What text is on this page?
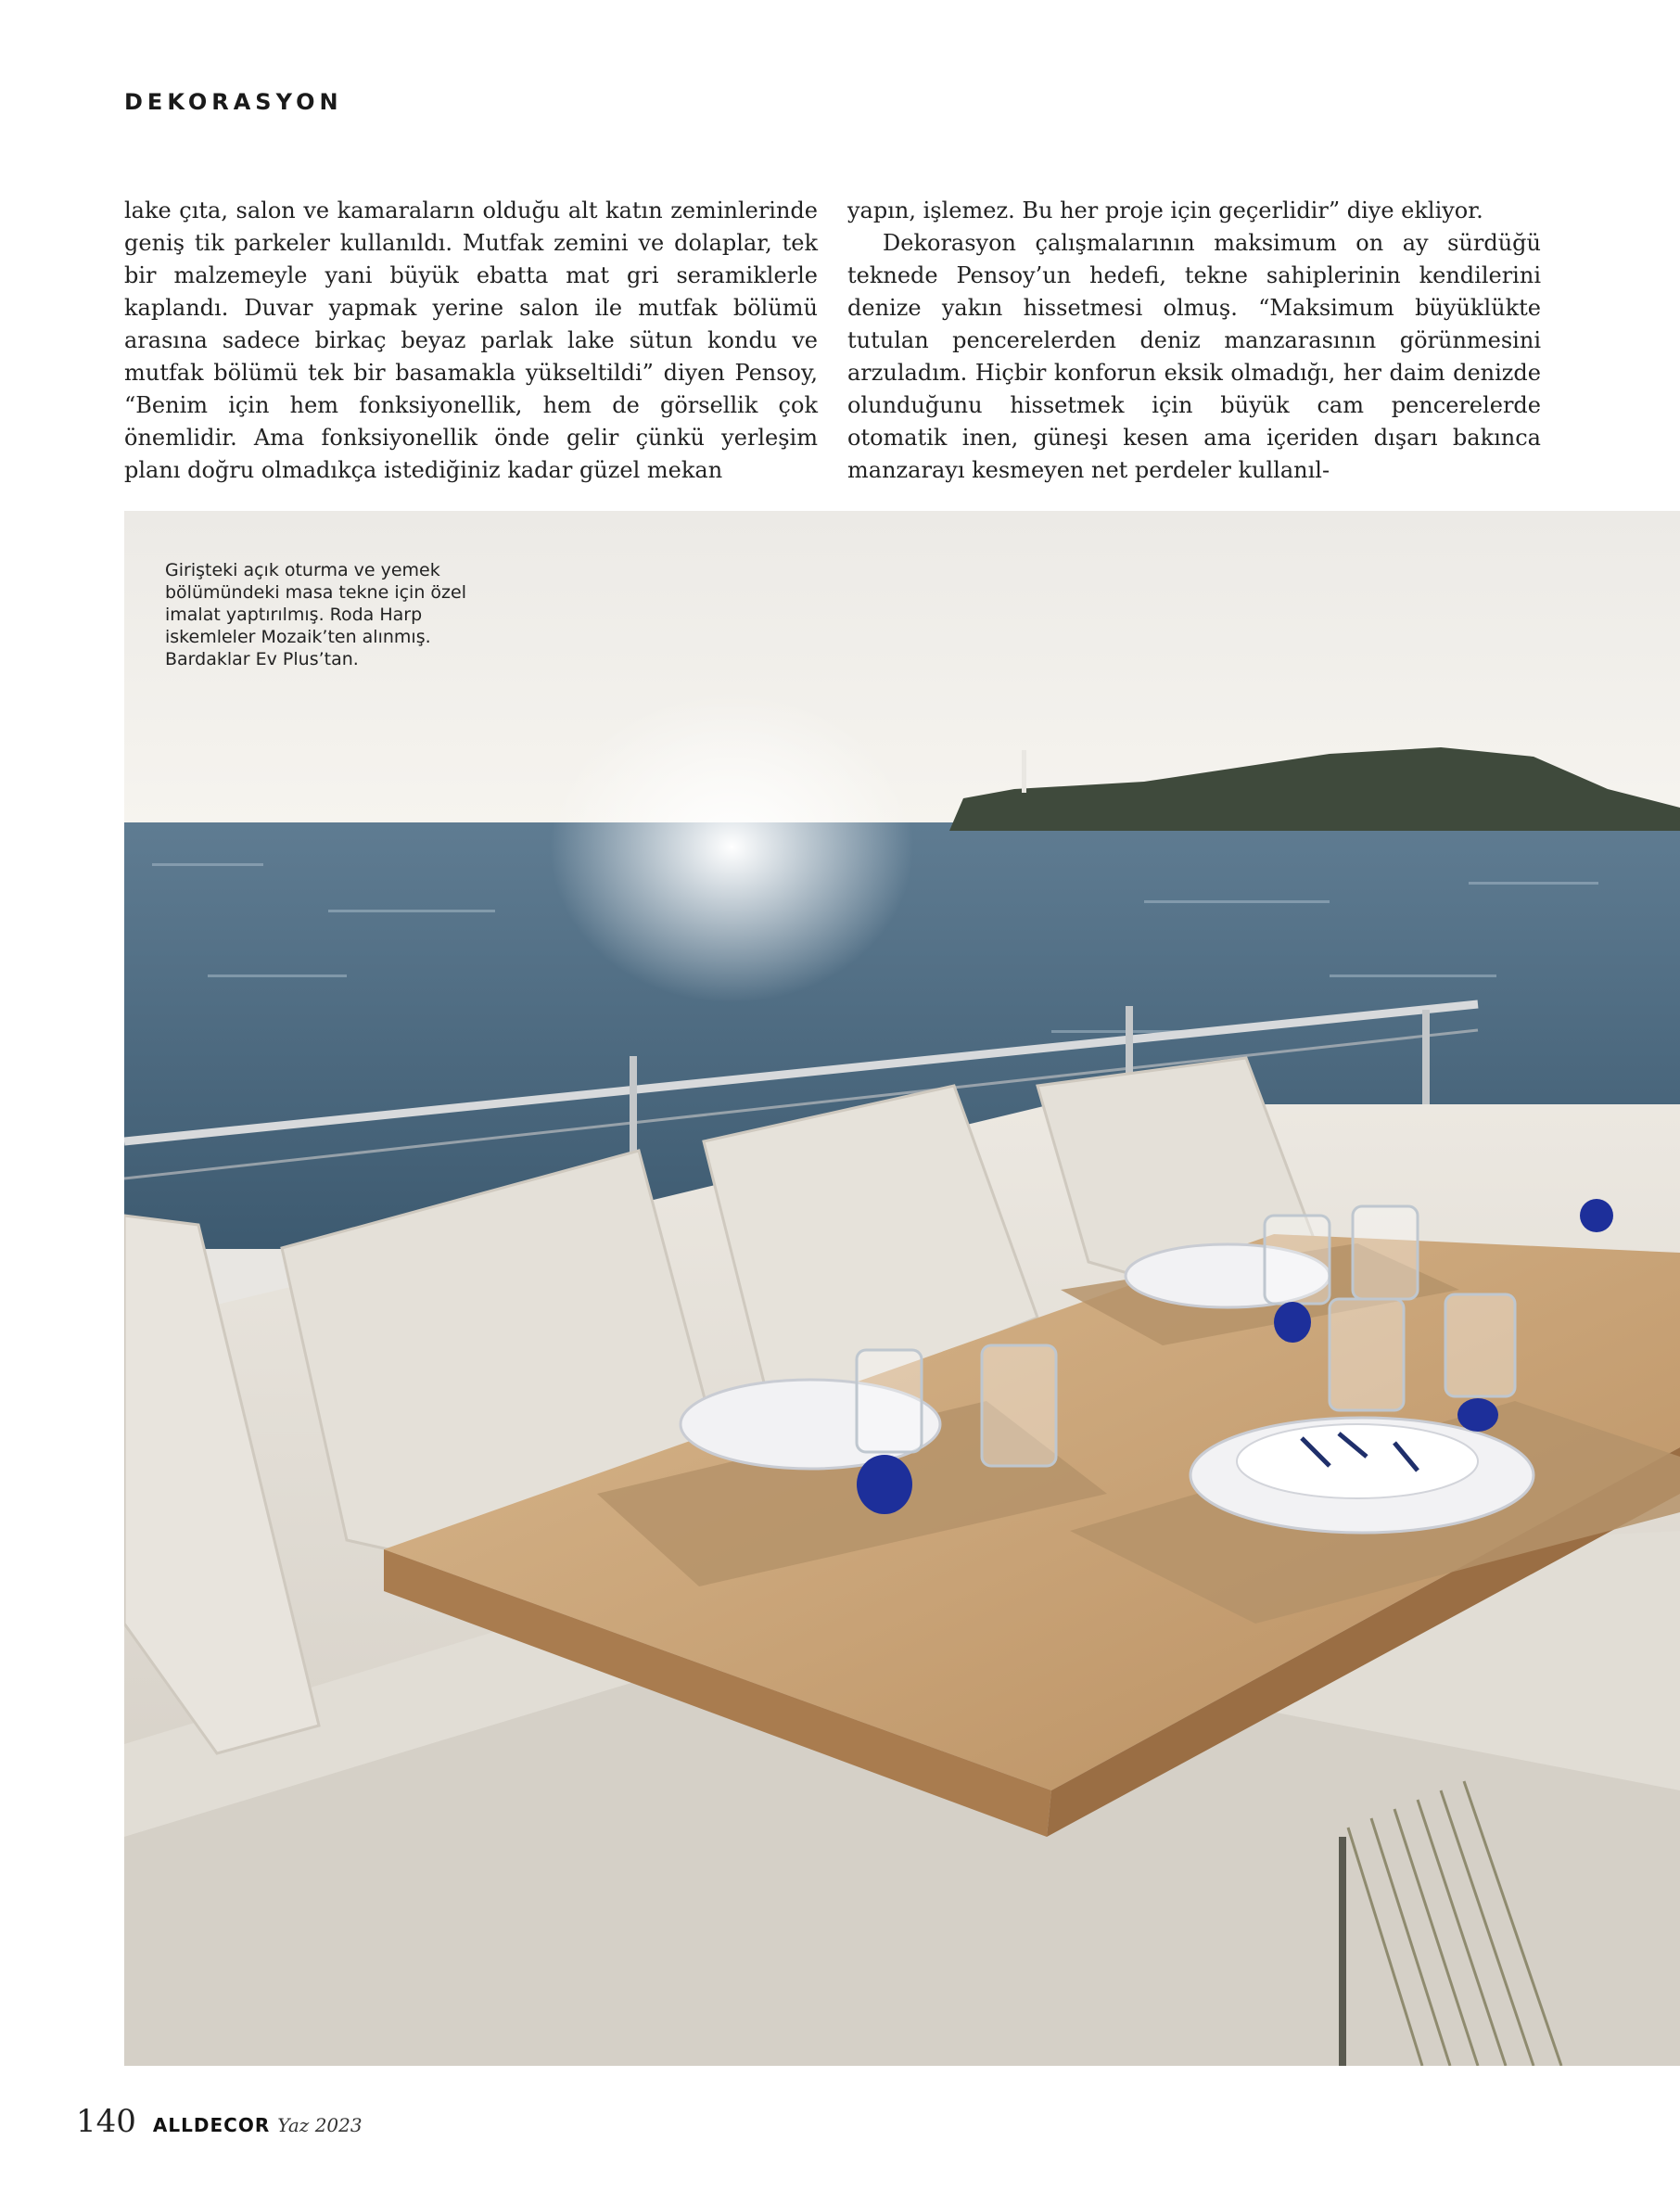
DEKORASYON

lake çıta, salon ve kamaraların olduğu alt katın zeminlerinde geniş tik parkeler kullanıldı. Mutfak zemini ve dolaplar, tek bir malzemeyle yani büyük ebatta mat gri seramiklerle kaplandı. Duvar yapmak yerine salon ile mutfak bölümü arasına sadece birkaç beyaz parlak lake sütun kondu ve mutfak bölümü tek bir basamakla yükseltildi” diyen Pensoy, “Benim için hem fonksiyonellik, hem de görsellik çok önemlidir. Ama fonksiyonellik önde gelir çünkü yerleşim planı doğru olmadıkça istediğiniz kadar güzel mekan

yapın, işlemez. Bu her proje için geçerlidir” diye ekliyor.

Dekorasyon çalışmalarının maksimum on ay sürdüğü teknede Pensoy’un hedefi, tekne sahiplerinin kendilerini denize yakın hissetmesi olmuş. “Maksimum büyüklükte tutulan pencerelerden deniz manzarasının görünmesini arzuladım. Hiçbir konforun eksik olmadığı, her daim denizde olunduğunu hissetmek için büyük cam pencerelerde otomatik inen, güneşi kesen ama içeriden dışarı bakınca manzarayı kesmeyen net perdeler kullanıl-

Girişteki açık oturma ve yemek bölümündeki masa tekne için özel imalat yaptırılmış. Roda Harp iskemleler Mozaik’ten alınmış. Bardaklar Ev Plus’tan.
140 ALLDECOR Yaz 2023
